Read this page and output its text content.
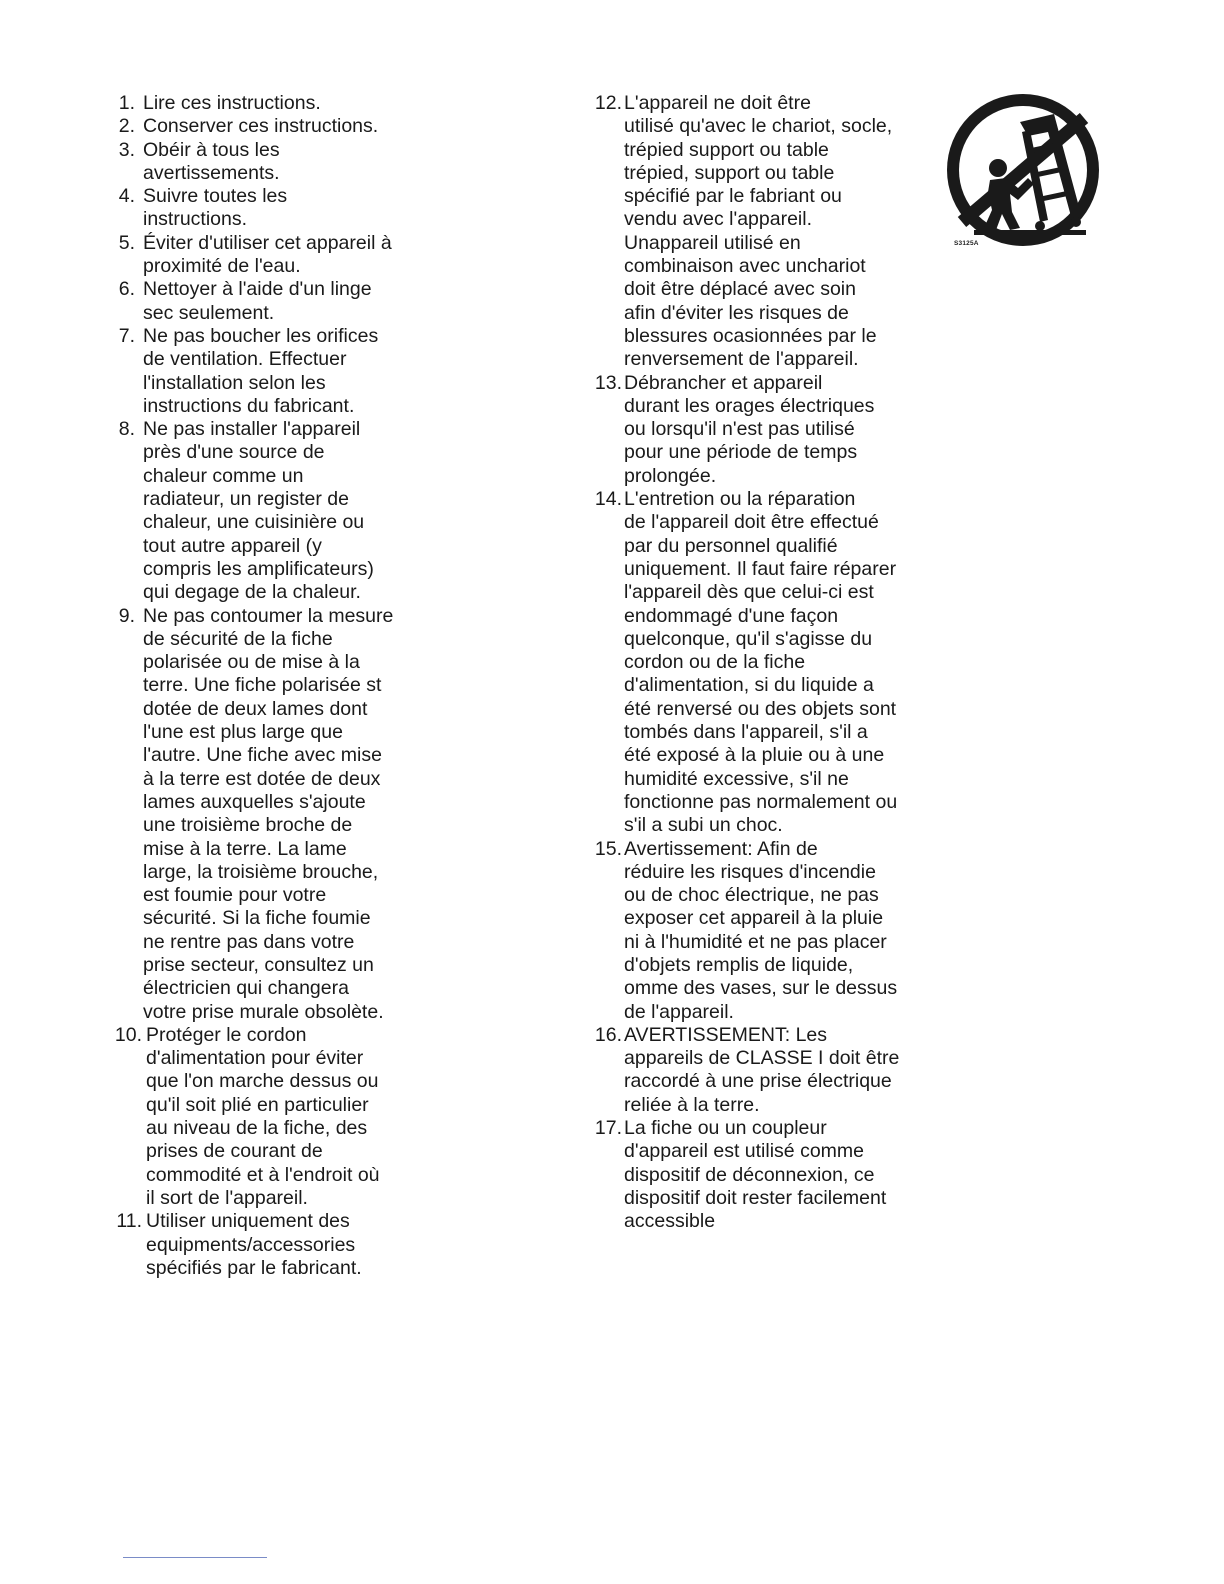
1. Lire ces instructions.
2. Conserver ces instructions.
3. Obéir à tous les
avertissements.
4. Suivre toutes les
instructions.
5. Éviter d'utiliser cet appareil à
proximité de l'eau.
6. Nettoyer à l'aide d'un linge
sec seulement.
7. Ne pas boucher les orifices
de ventilation. Effectuer
l'installation selon les
instructions du fabricant.
8. Ne pas installer l'appareil
près d'une source de
chaleur comme un
radiateur, un register de
chaleur, une cuisinière ou
tout autre appareil (y
compris les amplificateurs)
qui degage de la chaleur.
9. Ne pas contoumer la mesure
de sécurité de la fiche
polarisée ou de mise à la
terre. Une fiche polarisée st
dotée de deux lames dont
l'une est plus large que
l'autre. Une fiche avec mise
à la terre est dotée de deux
lames auxquelles s'ajoute
une troisième broche de
mise à la terre. La lame
large, la troisième brouche,
est foumie pour votre
sécurité. Si la fiche foumie
ne rentre pas dans votre
prise secteur, consultez un
électricien qui changera
votre prise murale obsolète.
10. Protéger le cordon
d'alimentation pour éviter
que l'on marche dessus ou
qu'il soit plié en particulier
au niveau de la fiche, des
prises de courant de
commodité et à l'endroit où
il sort de l'appareil.
11. Utiliser uniquement des
equipments/accessories
spécifiés par le fabricant.
12. L'appareil ne doit être
utilisé qu'avec le chariot, socle,
trépied support ou table
trépied, support ou table
spécifié par le fabriant ou
vendu avec l'appareil.
Unappareil utilisé en
combinaison avec unchariot
doit être déplacé avec soin
afin d'éviter les risques de
blessures ocasionnées par le
renversement de l'appareil.
13. Débrancher et appareil
durant les orages électriques
ou lorsqu'il n'est pas utilisé
pour une période de temps
prolongée.
14. L'entretion ou la réparation
de l'appareil doit être effectué
par du personnel qualifié
uniquement. Il faut faire réparer
l'appareil dès que celui-ci est
endommagé d'une façon
quelconque, qu'il s'agisse du
cordon ou de la fiche
d'alimentation, si du liquide a
été renversé ou des objets sont
tombés dans l'appareil, s'il a
été exposé à la pluie ou à une
humidité excessive, s'il ne
fonctionne pas normalement ou
s'il a subi un choc.
15. Avertissement: Afin de
réduire les risques d'incendie
ou de choc électrique, ne pas
exposer cet appareil à la pluie
ni à l'humidité et ne pas placer
d'objets remplis de liquide,
omme des vases, sur le dessus
de l'appareil.
16. AVERTISSEMENT: Les
appareils de CLASSE I doit être
raccordé à une prise électrique
reliée à la terre.
17. La fiche ou un coupleur
d'appareil est utilisé comme
dispositif de déconnexion, ce
dispositif doit rester facilement
accessible
S3125A
